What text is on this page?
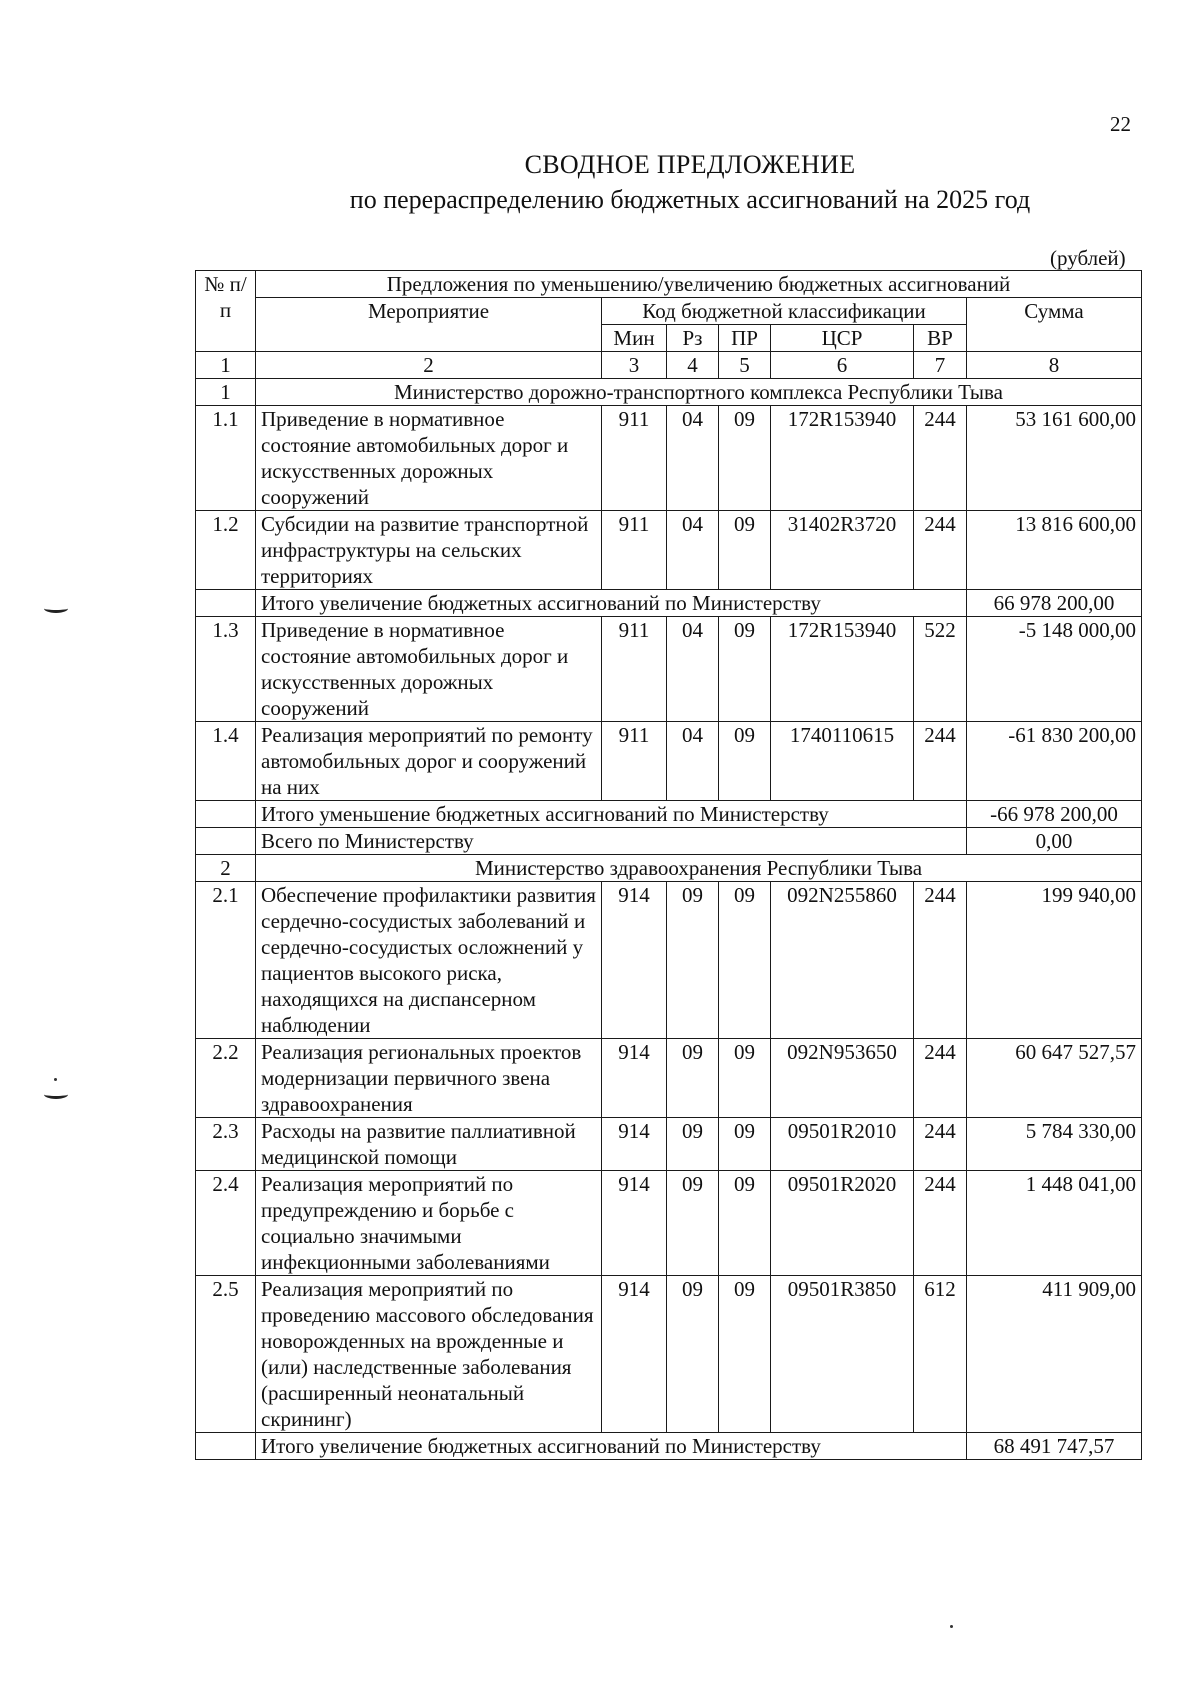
22
СВОДНОЕ ПРЕДЛОЖЕНИЕ
по перераспределению бюджетных ассигнований на 2025 год
(рублей)
№ п/п	Предложения по уменьшению/увеличению бюджетных ассигнований						
	Мероприятие	Код бюджетной классификации					Сумма
		Мин	Рз	ПР	ЦСР	ВР	
1	2	3	4	5	6	7	8
1	Министерство дорожно-транспортного комплекса Республики Тыва						
1.1	Приведение в нормативное состояние автомобильных дорог и искусственных дорожных сооружений	911	04	09	172R153940	244	53 161 600,00
1.2	Субсидии на развитие транспортной инфраструктуры на сельских территориях	911	04	09	31402R3720	244	13 816 600,00
	Итого увеличение бюджетных ассигнований по Министерству						66 978 200,00
1.3	Приведение в нормативное состояние автомобильных дорог и искусственных дорожных сооружений	911	04	09	172R153940	522	-5 148 000,00
1.4	Реализация мероприятий по ремонту автомобильных дорог и сооружений на них	911	04	09	1740110615	244	-61 830 200,00
	Итого уменьшение бюджетных ассигнований по Министерству						-66 978 200,00
	Всего по Министерству						0,00
2	Министерство здравоохранения Республики Тыва						
2.1	Обеспечение профилактики развития сердечно-сосудистых заболеваний и сердечно-сосудистых осложнений у пациентов высокого риска, находящихся на диспансерном наблюдении	914	09	09	092N255860	244	199 940,00
2.2	Реализация региональных проектов модернизации первичного звена здравоохранения	914	09	09	092N953650	244	60 647 527,57
2.3	Расходы на развитие паллиативной медицинской помощи	914	09	09	09501R2010	244	5 784 330,00
2.4	Реализация мероприятий по предупреждению и борьбе с социально значимыми инфекционными заболеваниями	914	09	09	09501R2020	244	1 448 041,00
2.5	Реализация мероприятий по проведению массового обследования новорожденных на врожденные и (или) наследственные заболевания (расширенный неонатальный скрининг)	914	09	09	09501R3850	612	411 909,00
	Итого увеличение бюджетных ассигнований по Министерству						68 491 747,57
